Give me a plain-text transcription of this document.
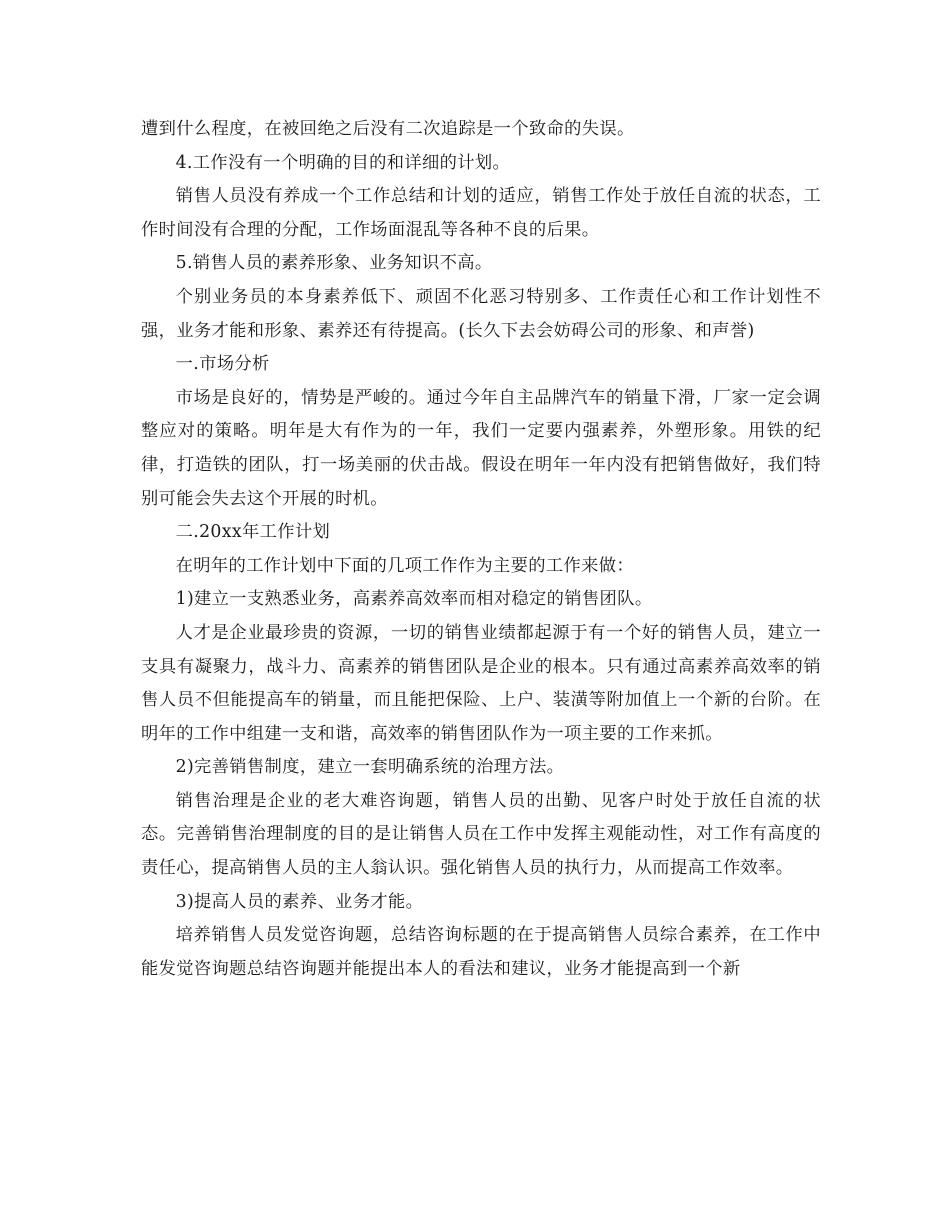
遭到什么程度，在被回绝之后没有二次追踪是一个致命的失误。

4.工作没有一个明确的目的和详细的计划。

销售人员没有养成一个工作总结和计划的适应，销售工作处于放任自流的状态，工作时间没有合理的分配，工作场面混乱等各种不良的后果。

5.销售人员的素养形象、业务知识不高。

个别业务员的本身素养低下、顽固不化恶习特别多、工作责任心和工作计划性不强，业务才能和形象、素养还有待提高。(长久下去会妨碍公司的形象、和声誉)

一.市场分析

市场是良好的，情势是严峻的。通过今年自主品牌汽车的销量下滑，厂家一定会调整应对的策略。明年是大有作为的一年，我们一定要内强素养，外塑形象。用铁的纪律，打造铁的团队，打一场美丽的伏击战。假设在明年一年内没有把销售做好，我们特别可能会失去这个开展的时机。

二.20xx年工作计划

在明年的工作计划中下面的几项工作作为主要的工作来做：

1)建立一支熟悉业务，高素养高效率而相对稳定的销售团队。

人才是企业最珍贵的资源，一切的销售业绩都起源于有一个好的销售人员，建立一支具有凝聚力，战斗力、高素养的销售团队是企业的根本。只有通过高素养高效率的销售人员不但能提高车的销量，而且能把保险、上户、装潢等附加值上一个新的台阶。在明年的工作中组建一支和谐，高效率的销售团队作为一项主要的工作来抓。

2)完善销售制度，建立一套明确系统的治理方法。

销售治理是企业的老大难咨询题，销售人员的出勤、见客户时处于放任自流的状态。完善销售治理制度的目的是让销售人员在工作中发挥主观能动性，对工作有高度的责任心，提高销售人员的主人翁认识。强化销售人员的执行力，从而提高工作效率。

3)提高人员的素养、业务才能。

培养销售人员发觉咨询题，总结咨询标题的在于提高销售人员综合素养，在工作中能发觉咨询题总结咨询题并能提出本人的看法和建议，业务才能提高到一个新
